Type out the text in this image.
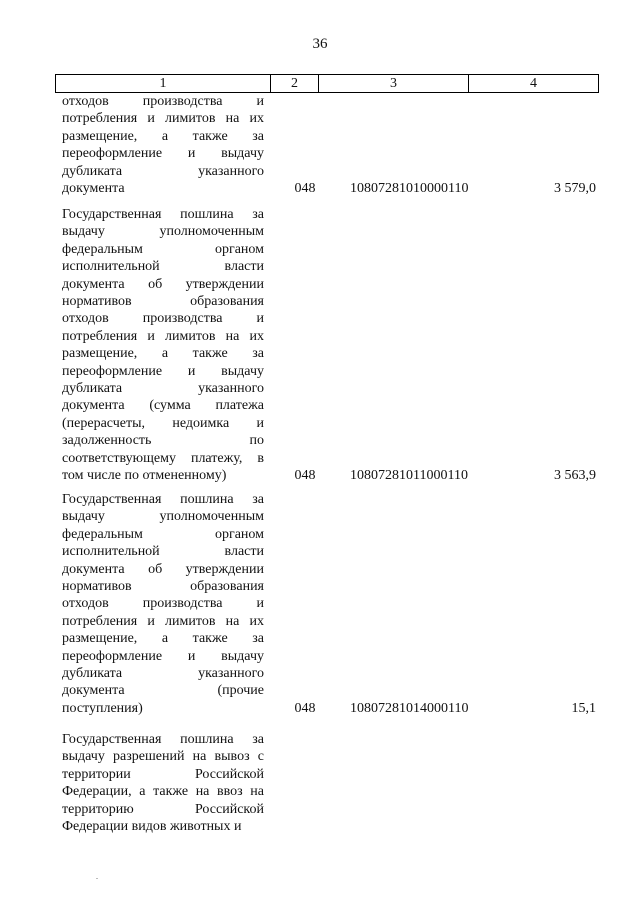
36
1	2	3	4
отходов производства и
потребления и лимитов на их
размещение, а также за
переоформление и выдачу
дубликата указанного
документа	048	10807281010000110	3 579,0
Государственная пошлина за
выдачу уполномоченным
федеральным органом
исполнительной власти
документа об утверждении
нормативов образования
отходов производства и
потребления и лимитов на их
размещение, а также за
переоформление и выдачу
дубликата указанного
документа (сумма платежа
(перерасчеты, недоимка и
задолженность по
соответствующему платежу, в
том числе по отмененному)	048	10807281011000110	3 563,9
Государственная пошлина за
выдачу уполномоченным
федеральным органом
исполнительной власти
документа об утверждении
нормативов образования
отходов производства и
потребления и лимитов на их
размещение, а также за
переоформление и выдачу
дубликата указанного
документа (прочие
поступления)	048	10807281014000110	15,1
Государственная пошлина за
выдачу разрешений на вывоз с
территории Российской
Федерации, а также на ввоз на
территорию Российской
Федерации видов животных и
